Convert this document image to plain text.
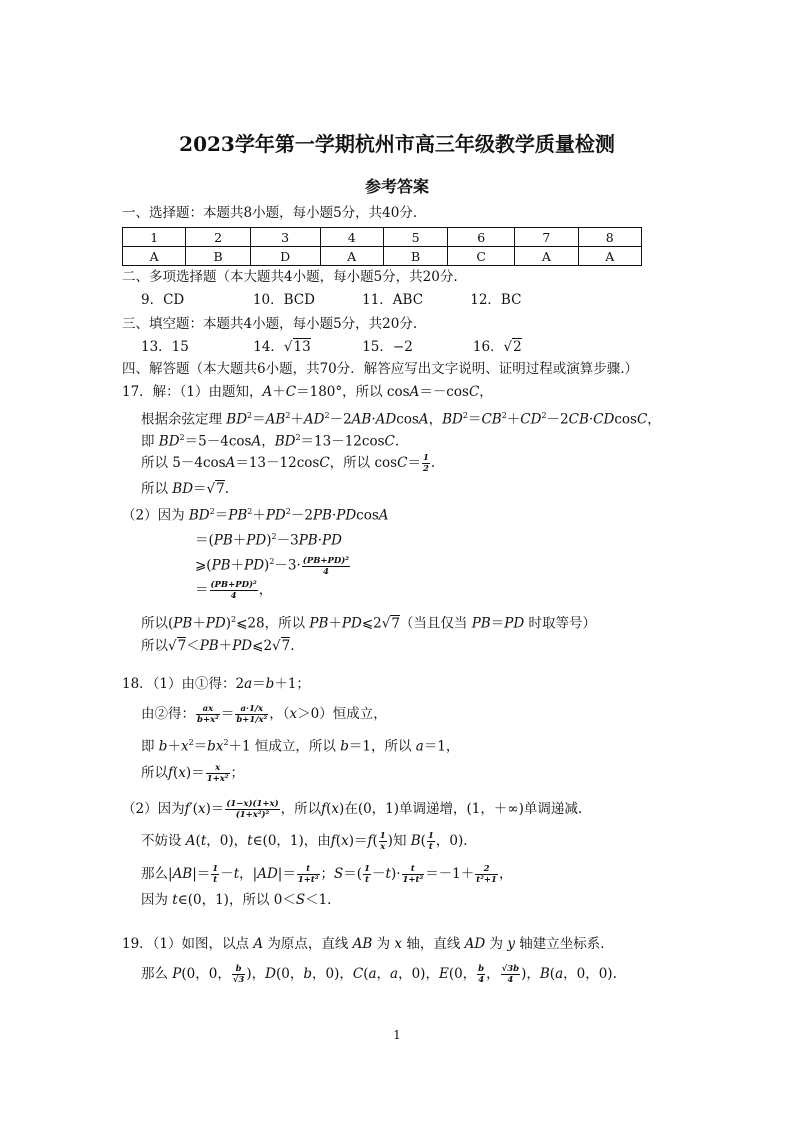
2023学年第一学期杭州市高三年级教学质量检测
参考答案
1	2	3	4	5	6	7	8
A	B	D	A	B	C	A	A
一、选择题：本题共8小题，每小题5分，共40分.
二、多项选择题（本大题共4小题，每小题5分，共20分.
9．CD                10．BCD           11．ABC           12．BC
三、填空题：本题共4小题，每小题5分，共20分.
13．15               14．√13            15．−2              16．√2
四、解答题（本大题共6小题，共70分．解答应写出文字说明、证明过程或演算步骤.）
17．解：（1）由题知，A＋C＝180°，所以 cosA＝－cosC，
根据余弦定理 $BD^2=AB^2+AD^2-2AB\cdot ADcosA$，$BD^2=CB^2+CD^2-2CB\cdot CDcosC$，
即 $BD^2=5-4\cos A$，$BD^2=13-12\cos C$.
所以 5－4cosA＝13－12cosC，所以 $\cos C= \frac{1}{2}$ .
所以 BD＝√7.
（2）因为 $BD^2=PB^2+PD^2-2PB\cdot PDcosA$
$=(PB+PD)^2-3PB\cdot PD$
$⩾(PB+PD)^2-3\cdot \frac{\text{(PB+PD)²}}{4}$
＝ $\frac{\text{(PB+PD)²}}{4}$ ，
所以$(PB+PD)^2⩽28$，所以 PB＋PD⩽2√7（当且仅当 PB＝PD 时取等号）
所以√7＜PB＋PD⩽2√7.
18．（1）由①得：2a＝b＋1；
由②得： $\frac{ax}{\text{b+x²}} = \frac{a\cdot 1/x}{\text{b+1/x²}}$ ，（x＞0）恒成立，
即 $b+x^2=bx^2+1$ 恒成立，所以 b＝1，所以 a＝1，
所以$f(x)= \frac{x}{\text{1+x²}}$ ；
（2）因为$f'(x)= \frac{(1-x)(1+x)}{\text{(1+x²)²}}$ ，所以f(x)在(0，1)单调递增，(1，＋∞)单调递减.
不妨设 A(t，0)，t∈(0，1)，由$f(x)=f( \frac{1}{x}$ )知 $B( \frac{1}{t}$ ，0).
那么$|AB|= \frac{1}{t} -t$，$|AD|= \frac{t}{\text{1+t²}}$ ；$S=( \frac{1}{t} -t)\cdot \frac{t}{\text{1+t²}} =-1+ \frac{2}{\text{t²+1}}$ ，
因为 t∈(0，1)，所以 0＜S＜1.
19．（1）如图，以点 A 为原点，直线 AB 为 x 轴，直线 AD 为 y 轴建立坐标系.
那么 P(0，0， $\frac{b}{√3}$ )，D(0，b，0)，C(a，a，0)，E(0， $\frac{b}{4}$ ， $\frac{√3b}{4}$ )，B(a，0，0).
1
